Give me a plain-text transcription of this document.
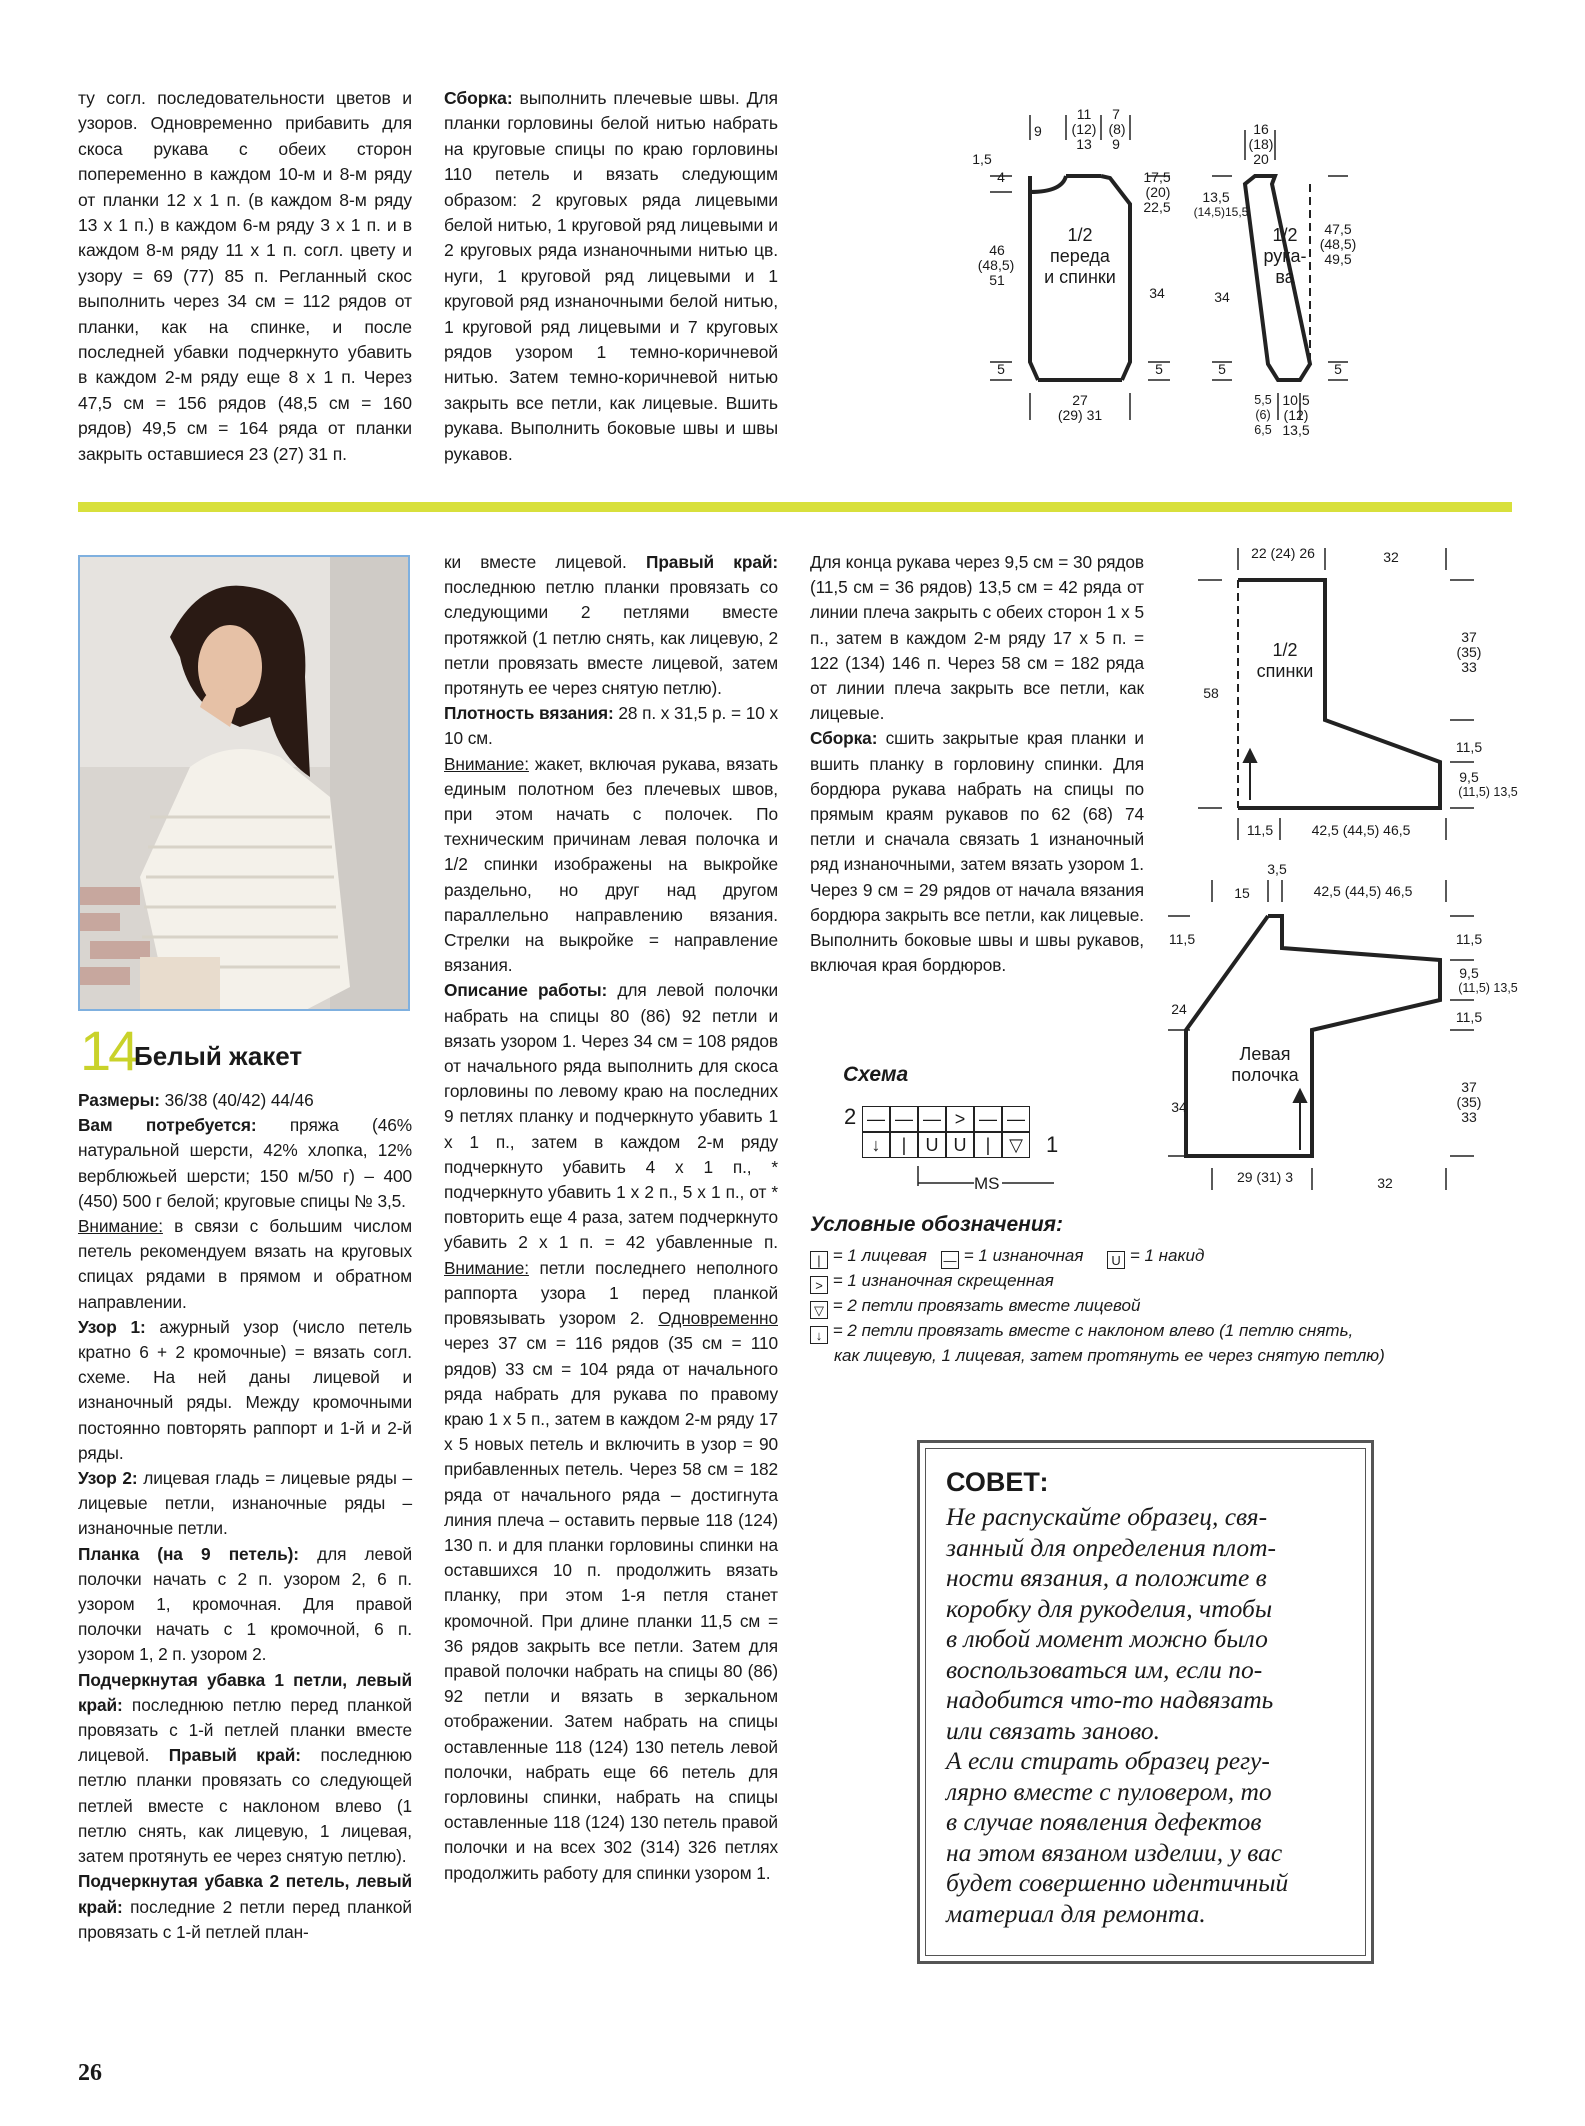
ту согл. последовательности цветов и узоров. Одновременно прибавить для скоса рукава с обеих сторон попеременно в каждом 10-м и 8-м ряду от планки 12 х 1 п. (в каждом 8-м ряду 13 х 1 п.) в каждом 6-м ряду 3 х 1 п. и в каждом 8-м ряду 11 х 1 п. согл. цвету и узору = 69 (77) 85 п. Регланный скос выполнить через 34 см = 112 рядов от планки, как на спинке, и после последней убавки подчеркнуто убавить в каждом 2-м ряду еще 8 х 1 п. Через 47,5 см = 156 рядов (48,5 см = 160 рядов) 49,5 см = 164 ряда от планки закрыть оставшиеся 23 (27) 31 п.

Сборка: выполнить плечевые швы. Для планки горловины белой нитью набрать на круговые спицы по краю горловины 110 петель и вязать следующим образом: 2 круговых ряда лицевыми белой нитью, 1 круговой ряд лицевыми и 2 круговых ряда изнаночными нитью цв. нуги, 1 круговой ряд лицевыми и 1 круговой ряд изнаночными белой нитью, 1 круговой ряд лицевыми и 7 круговых рядов узором 1 темно-коричневой нитью. Затем темно-коричневой нитью закрыть все петли, как лицевые. Вшить рукава. Выполнить боковые швы и швы рукавов.

9
11
(12)
13
7
(8)
9
1,5
4
46
(48,5)
51
5
17,5
(20)
22,5
34
5
27
(29) 31
1/2
переда
и спинки
16
(18)
20
13,5
(14,5)15,5
34
5
47,5
(48,5)
49,5
5
5,5
(6)
6,5
10,5
(12)
13,5
1/2
рука-
ва
14
Белый жакет

Размеры: 36/38 (40/42) 44/46

Вам потребуется: пряжа (46% натуральной шерсти, 42% хлопка, 12% верблюжьей шерсти; 150 м/50 г) – 400 (450) 500 г белой; круговые спицы № 3,5.

Внимание: в связи с большим числом петель рекомендуем вязать на круговых спицах рядами в прямом и обратном направлении.

Узор 1: ажурный узор (число петель кратно 6 + 2 кромочные) = вязать согл. схеме. На ней даны лицевой и изнаночный ряды. Между кромочными постоянно повторять раппорт и 1-й и 2-й ряды.

Узор 2: лицевая гладь = лицевые ряды – лицевые петли, изнаночные ряды – изнаночные петли.

Планка (на 9 петель): для левой полочки начать с 2 п. узором 2, 6 п. узором 1, кромочная. Для правой полочки начать с 1 кромочной, 6 п. узором 1, 2 п. узором 2.

Подчеркнутая убавка 1 петли, левый край: последнюю петлю перед планкой провязать с 1-й петлей планки вместе лицевой. Правый край: последнюю петлю планки провязать со следующей петлей вместе с наклоном влево (1 петлю снять, как лицевую, 1 лицевая, затем протянуть ее через снятую петлю).

Подчеркнутая убавка 2 петель, левый край: последние 2 петли перед планкой провязать с 1-й петлей план-

ки вместе лицевой. Правый край: последнюю петлю планки провязать со следующими 2 петлями вместе протяжкой (1 петлю снять, как лицевую, 2 петли провязать вместе лицевой, затем протянуть ее через снятую петлю).

Плотность вязания: 28 п. х 31,5 р. = 10 х 10 см.

Внимание: жакет, включая рукава, вязать единым полотном без плечевых швов, при этом начать с полочек. По техническим причинам левая полочка и 1/2 спинки изображены на выкройке раздельно, но друг над другом параллельно направлению вязания. Стрелки на выкройке = направление вязания.

Описание работы: для левой полочки набрать на спицы 80 (86) 92 петли и вязать узором 1. Через 34 см = 108 рядов от начального ряда выполнить для скоса горловины по левому краю на последних 9 петлях планку и подчеркнуто убавить 1 х 1 п., затем в каждом 2-м ряду подчеркнуто убавить 4 х 1 п., * подчеркнуто убавить 1 х 2 п., 5 х 1 п., от * повторить еще 4 раза, затем подчеркнуто убавить 2 х 1 п. = 42 убавленные п. Внимание: петли последнего неполного раппорта узора 1 перед планкой провязывать узором 2. Одновременно через 37 см = 116 рядов (35 см = 110 рядов) 33 см = 104 ряда от начального ряда набрать для рукава по правому краю 1 х 5 п., затем в каждом 2-м ряду 17 х 5 новых петель и включить в узор = 90 прибавленных петель. Через 58 см = 182 ряда от начального ряда – достигнута линия плеча – оставить первые 118 (124) 130 п. и для планки горловины спинки на оставшихся 10 п. продолжить вязать планку, при этом 1-я петля станет кромочной. При длине планки 11,5 см = 36 рядов закрыть все петли. Затем для правой полочки набрать на спицы 80 (86) 92 петли и вязать в зеркальном отображении. Затем набрать на спицы оставленные 118 (124) 130 петель левой полочки, набрать еще 66 петель для горловины спинки, набрать на спицы оставленные 118 (124) 130 петель правой полочки и на всех 302 (314) 326 петлях продолжить работу для спинки узором 1.

Для конца рукава через 9,5 см = 30 рядов (11,5 см = 36 рядов) 13,5 см = 42 ряда от линии плеча закрыть с обеих сторон 1 х 5 п., затем в каждом 2-м ряду 17 х 5 п. = 122 (134) 146 п. Через 58 см = 182 ряда от линии плеча закрыть все петли, как лицевые.

Сборка: сшить закрытые края планки и вшить планку в горловину спинки. Для бордюра рукава набрать на спицы по прямым краям рукавов по 62 (68) 74 петли и сначала связать 1 изнаночный ряд изнаночными, затем вязать узором 1. Через 9 см = 29 рядов от начала вязания бордюра закрыть все петли, как лицевые. Выполнить боковые швы и швы рукавов, включая края бордюров.

Схема
2
1
— — — > — —
↓	|	U U	|	▽
MS
Условные обозначения:
| = 1 лицевая — = 1 изнаночная U = 1 накид
> = 1 изнаночная скрещенная
▽ = 2 петли провязать вместе лицевой
↓ = 2 петли провязать вместе с наклоном влево (1 петлю снять,
как лицевую, 1 лицевая, затем протянуть ее через снятую петлю)
22 (24) 26	32
58
37
(35)
33
11,5
9,5
(11,5) 13,5
11,5	42,5 (44,5) 46,5
1/2
спинки
3,5
15	42,5 (44,5) 46,5
11,5	11,5
9,5
(11,5) 13,5
24	11,5
34
37
(35)
33
29 (31) 3	32
Левая
полочка
СОВЕТ:
Не распускайте образец, свя-
занный для определения плот-
ности вязания, а положите в
коробку для рукоделия, чтобы
в любой момент можно было
воспользоваться им, если по-
надобится что-то надвязать
или связать заново.
А если стирать образец регу-
лярно вместе с пуловером, то
в случае появления дефектов
на этом вязаном изделии, у вас
будет совершенно идентичный
материал для ремонта.
26
